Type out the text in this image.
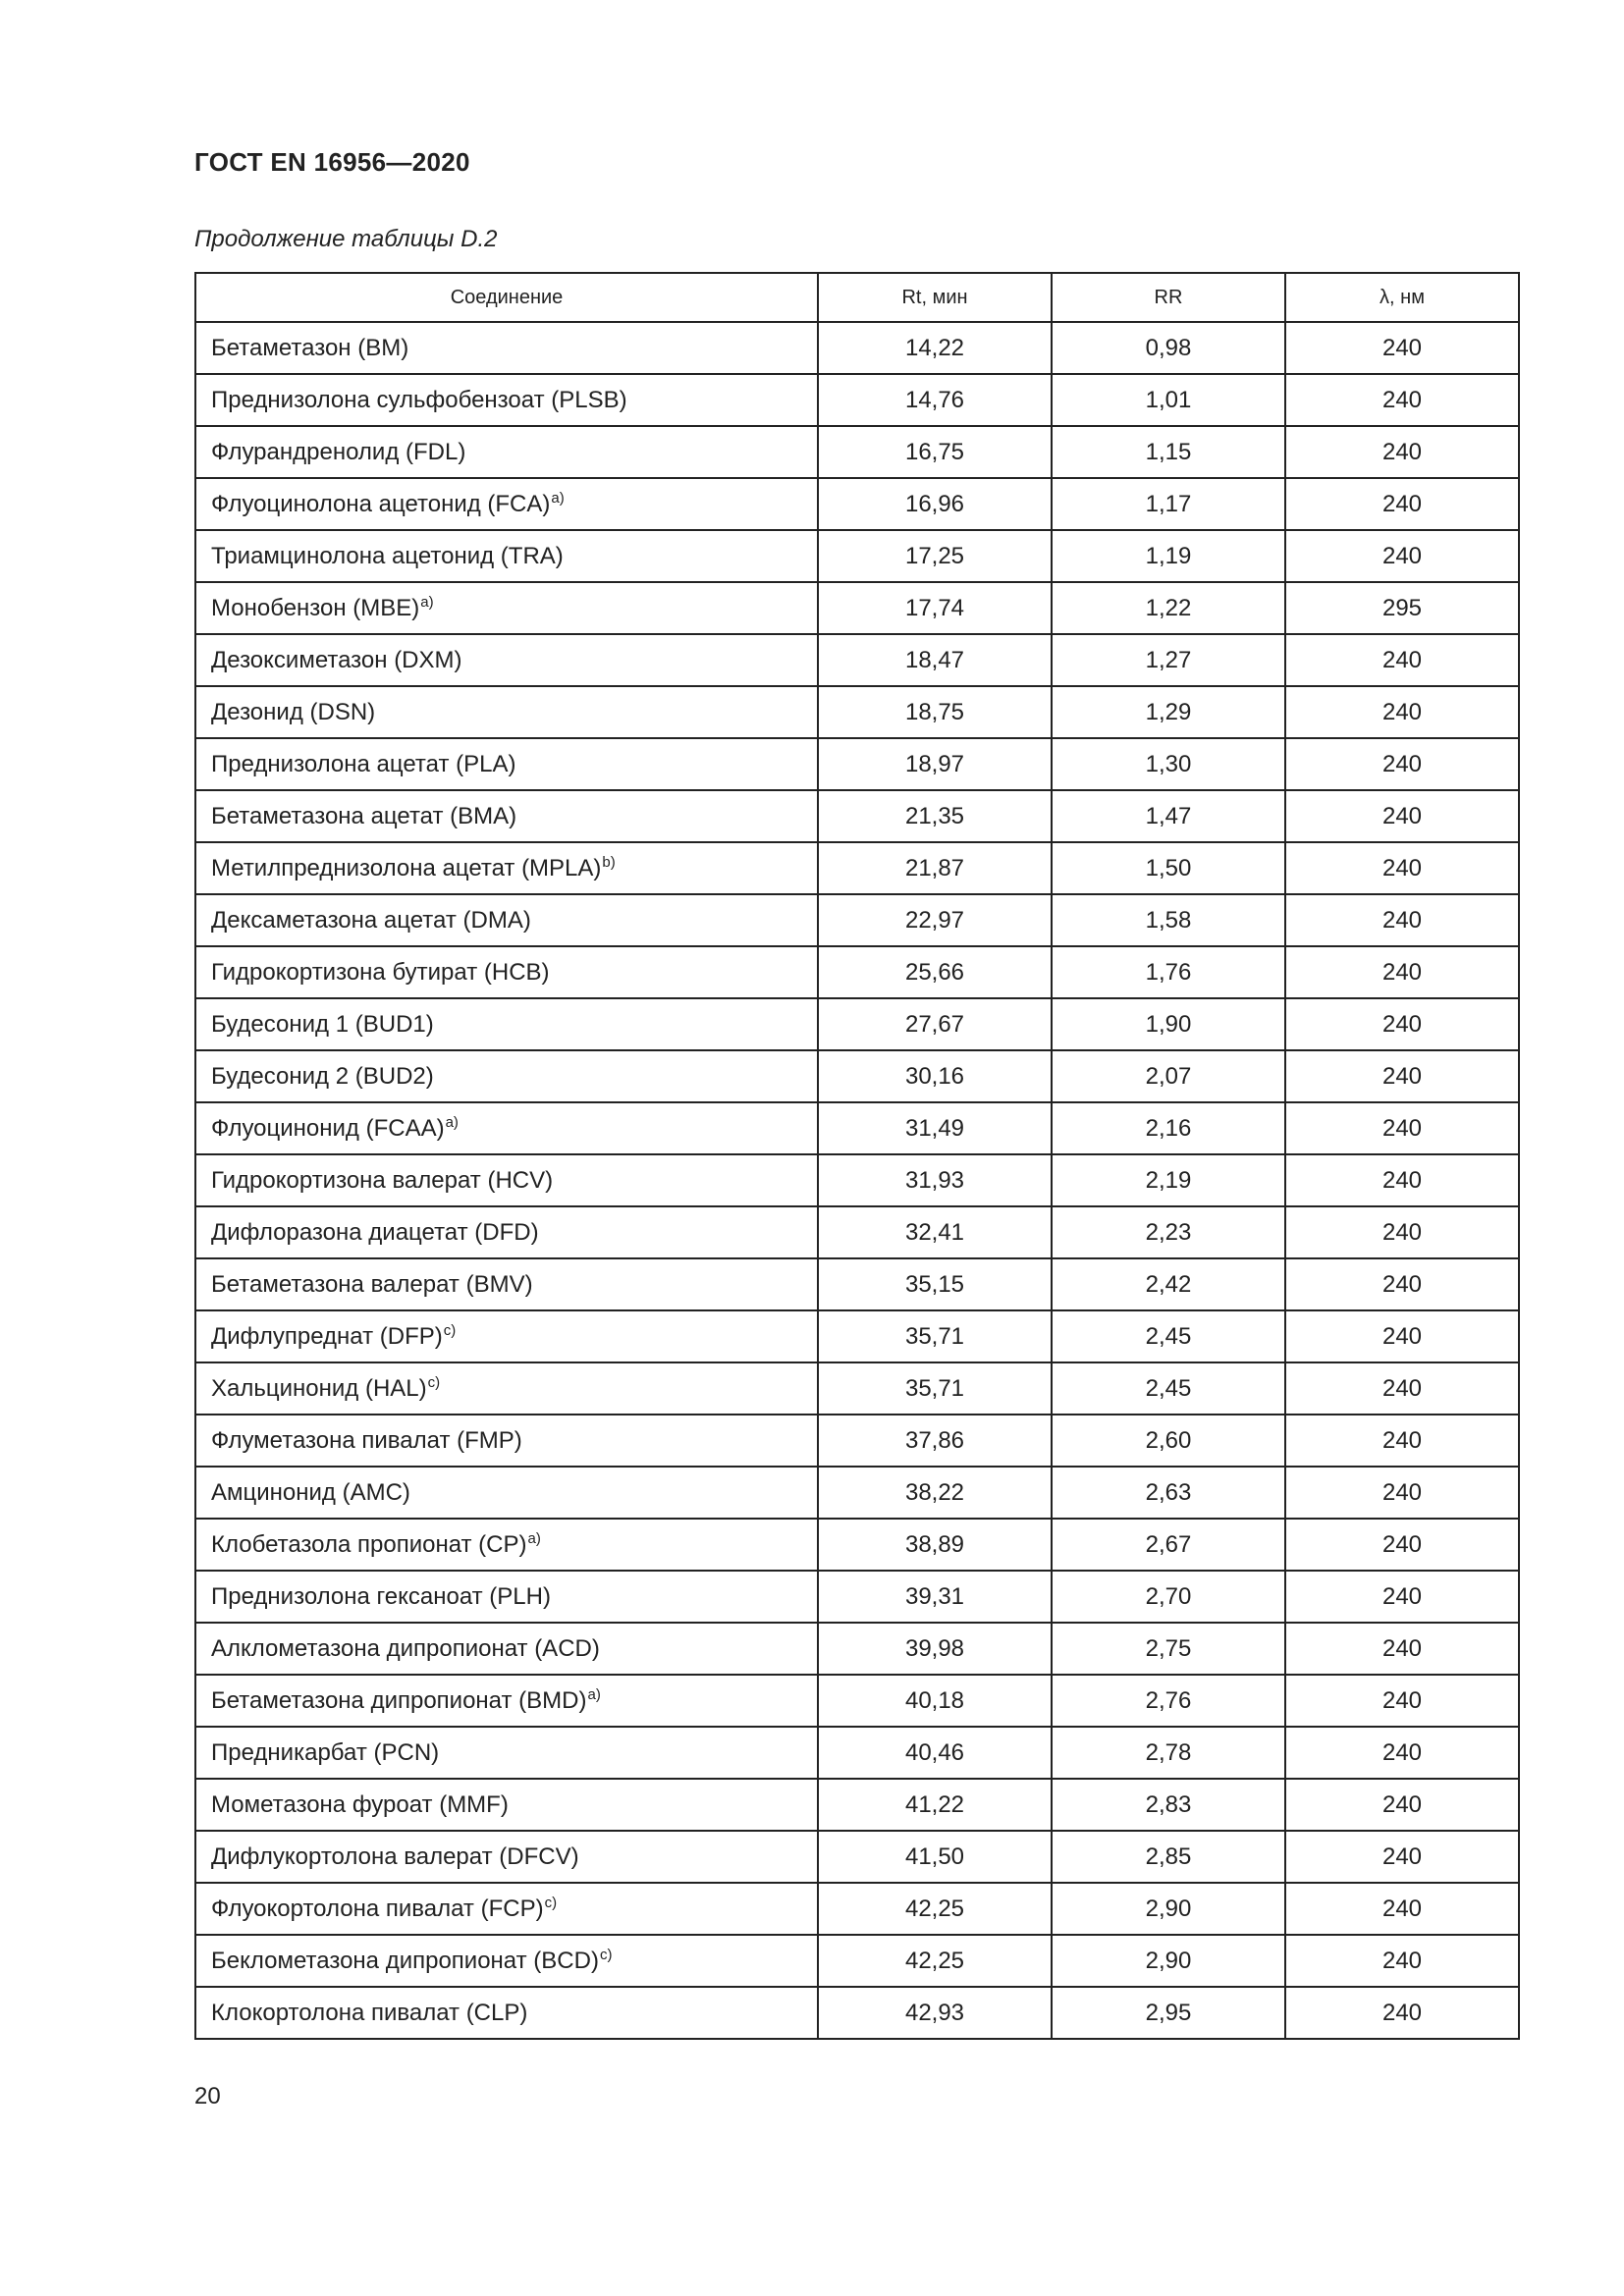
ГОСТ EN 16956—2020
Продолжение таблицы D.2
Соединение	Rt, мин	RR	λ, нм
Бетаметазон (BM)	14,22	0,98	240
Преднизолона сульфобензоат (PLSB)	14,76	1,01	240
Флурандренолид (FDL)	16,75	1,15	240
Флуоцинолона ацетонид (FCA)$^{a)}$	16,96	1,17	240
Триамцинолона ацетонид (TRA)	17,25	1,19	240
Монобензон (MBE)$^{a)}$	17,74	1,22	295
Дезоксиметазон (DXM)	18,47	1,27	240
Дезонид (DSN)	18,75	1,29	240
Преднизолона ацетат (PLA)	18,97	1,30	240
Бетаметазона ацетат (BMA)	21,35	1,47	240
Метилпреднизолона ацетат (MPLA)$^{b)}$	21,87	1,50	240
Дексаметазона ацетат (DMA)	22,97	1,58	240
Гидрокортизона бутират (HCB)	25,66	1,76	240
Будесонид 1 (BUD1)	27,67	1,90	240
Будесонид 2 (BUD2)	30,16	2,07	240
Флуоцинонид (FCAA)$^{a)}$	31,49	2,16	240
Гидрокортизона валерат (HCV)	31,93	2,19	240
Дифлоразона диацетат (DFD)	32,41	2,23	240
Бетаметазона валерат (BMV)	35,15	2,42	240
Дифлупреднат (DFP)$^{c)}$	35,71	2,45	240
Хальцинонид (HAL)$^{c)}$	35,71	2,45	240
Флуметазона пивалат (FMP)	37,86	2,60	240
Амцинонид (AMC)	38,22	2,63	240
Клобетазола пропионат (CP)$^{a)}$	38,89	2,67	240
Преднизолона гексаноат (PLH)	39,31	2,70	240
Алклометазона дипропионат (ACD)	39,98	2,75	240
Бетаметазона дипропионат (BMD)$^{a)}$	40,18	2,76	240
Предникарбат (PCN)	40,46	2,78	240
Мометазона фуроат (MMF)	41,22	2,83	240
Дифлукортолона валерат (DFCV)	41,50	2,85	240
Флуокортолона пивалат (FCP)$^{c)}$	42,25	2,90	240
Беклометазона дипропионат (BCD)$^{c)}$	42,25	2,90	240
Клокортолона пивалат (CLP)	42,93	2,95	240
20
